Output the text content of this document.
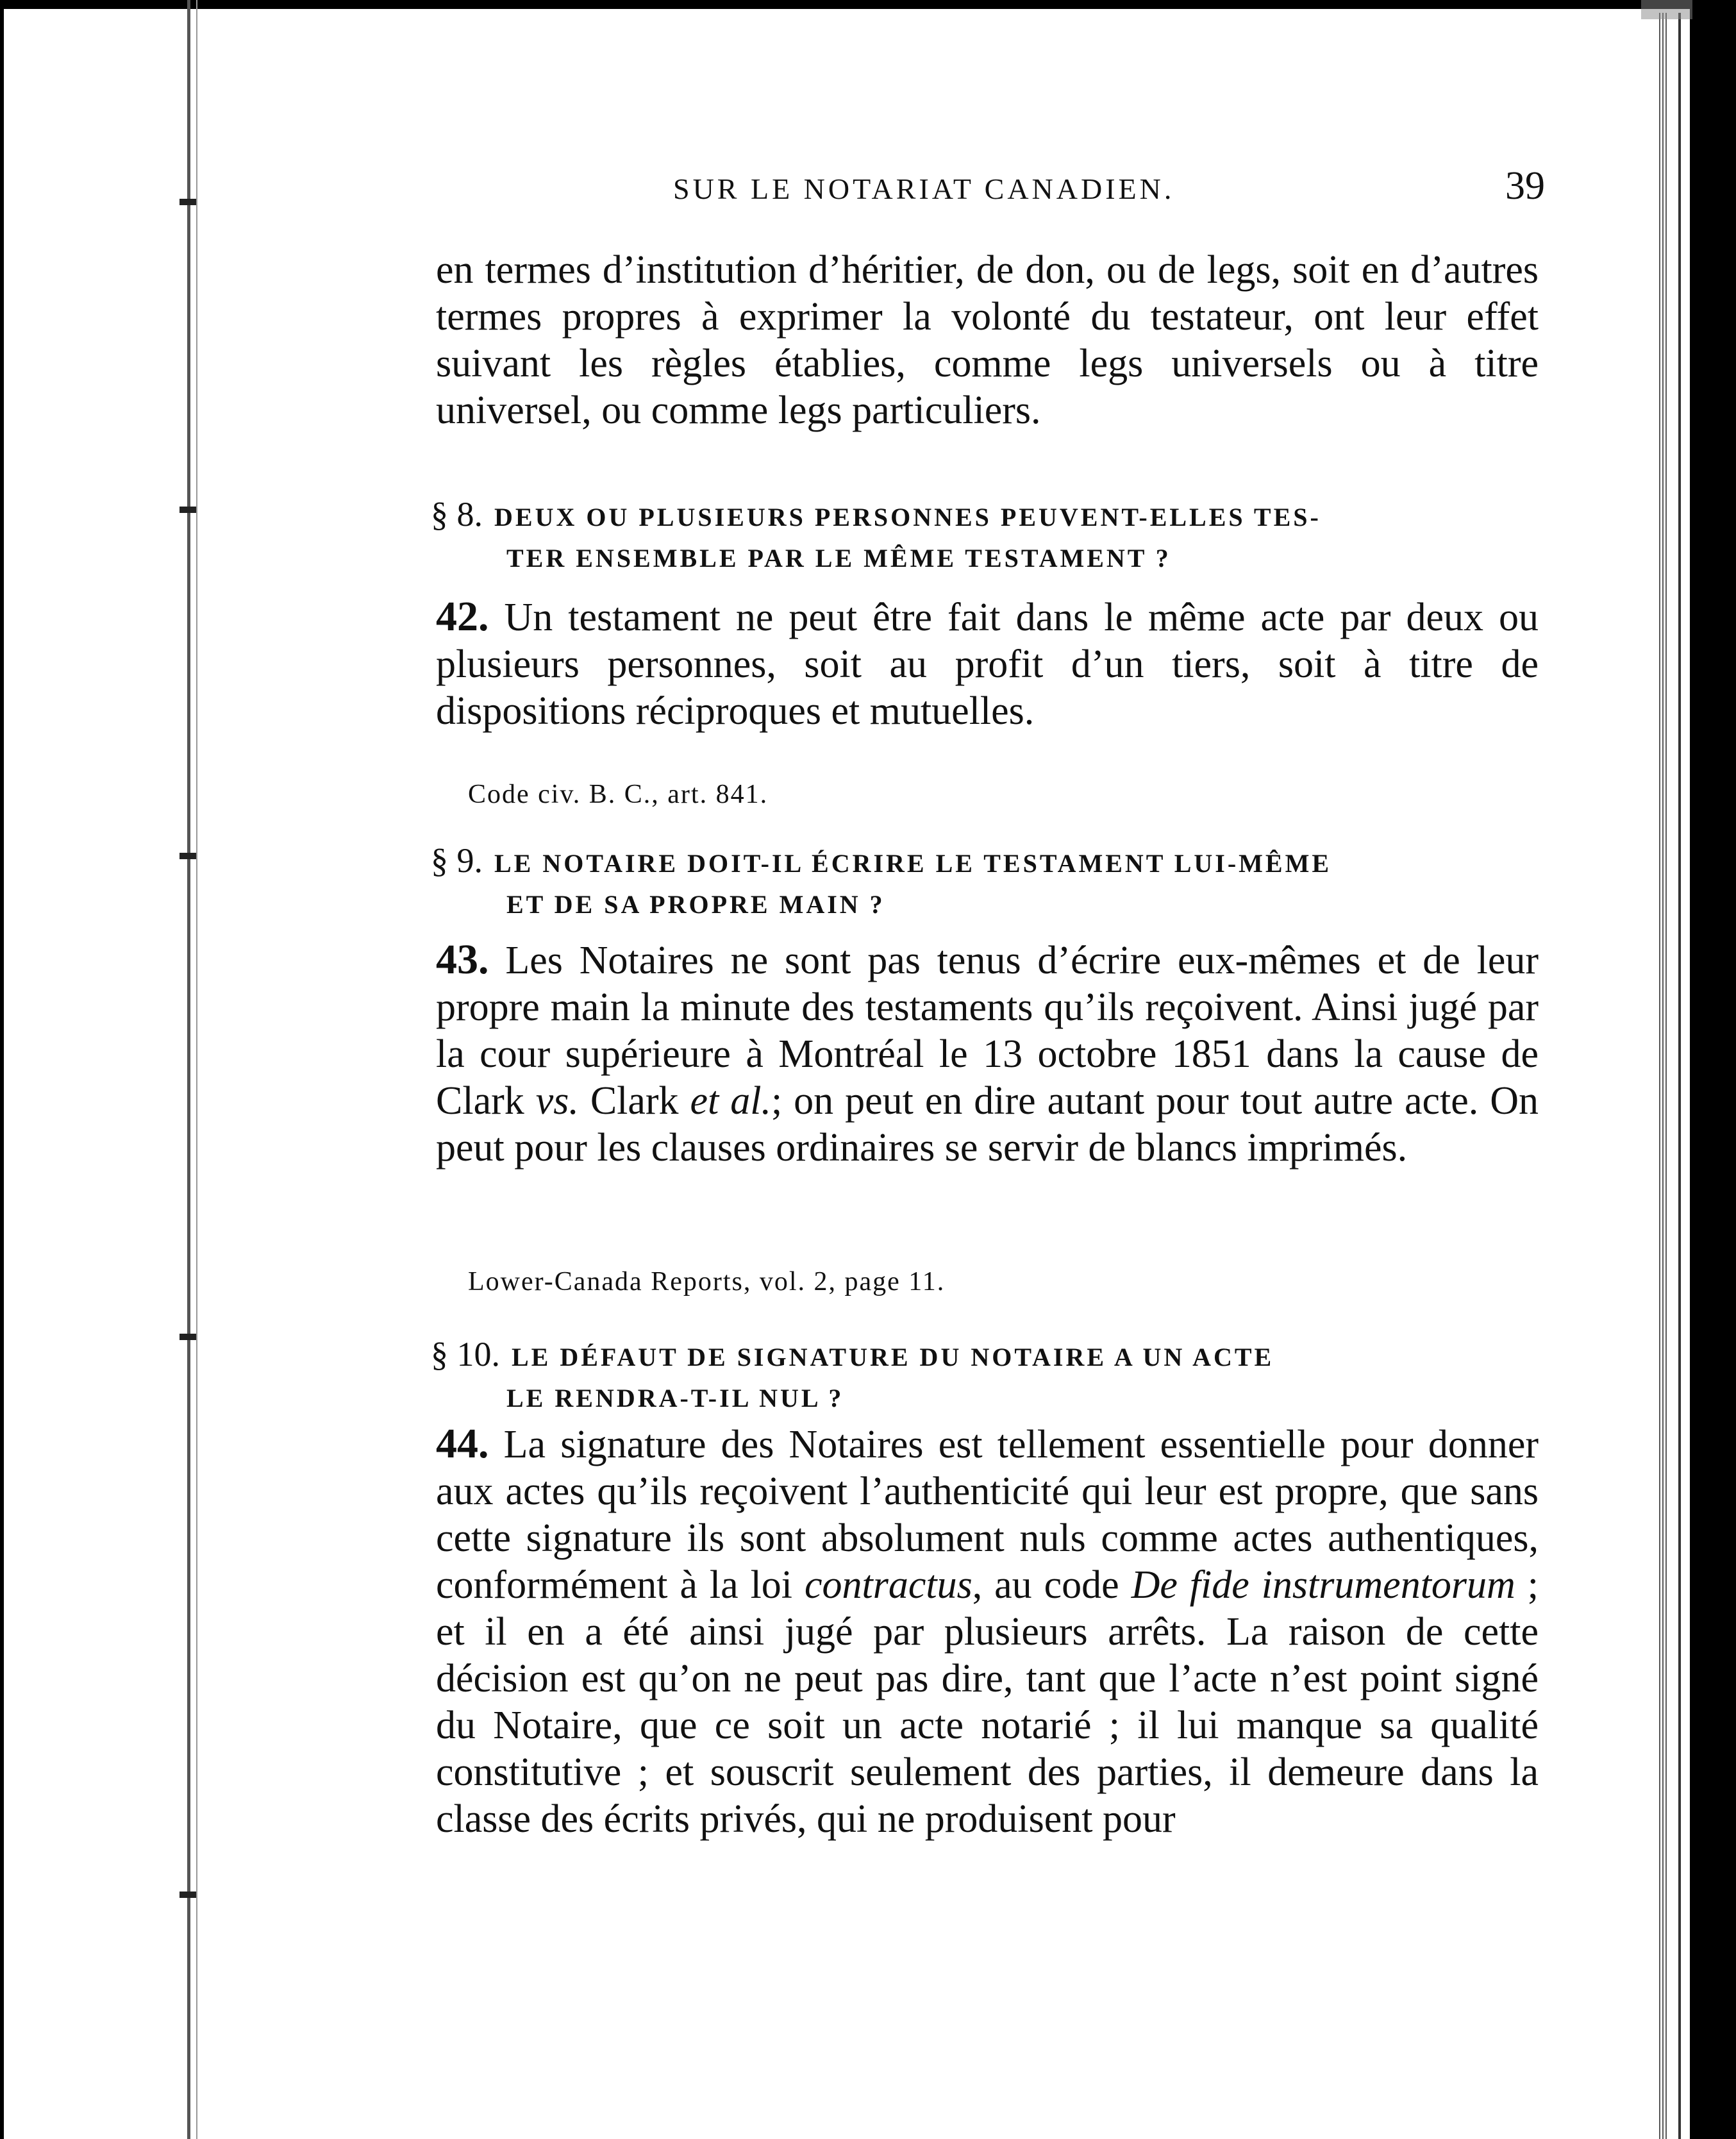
SUR LE NOTARIAT CANADIEN.	39
en termes d’institution d’héritier, de don, ou de legs, soit en d’autres termes propres à exprimer la volonté du testateur, ont leur effet suivant les règles établies, comme legs universels ou à titre universel, ou comme legs particuliers.
§ 8. DEUX OU PLUSIEURS PERSONNES PEUVENT-ELLES TES-
TER ENSEMBLE PAR LE MÊME TESTAMENT ?
42. Un testament ne peut être fait dans le même acte par deux ou plusieurs personnes, soit au profit d’un tiers, soit à titre de dispositions réciproques et mutuelles.
Code civ. B. C., art. 841.
§ 9. LE NOTAIRE DOIT-IL ÉCRIRE LE TESTAMENT LUI-MÊME
ET DE SA PROPRE MAIN ?
43. Les Notaires ne sont pas tenus d’écrire eux-mêmes et de leur propre main la minute des testaments qu’ils reçoivent. Ainsi jugé par la cour supérieure à Montréal le 13 octobre 1851 dans la cause de Clark vs. Clark et al.; on peut en dire autant pour tout autre acte. On peut pour les clauses ordinaires se servir de blancs imprimés.
Lower-Canada Reports, vol. 2, page 11.
§ 10. LE DÉFAUT DE SIGNATURE DU NOTAIRE A UN ACTE
LE RENDRA-T-IL NUL ?
44. La signature des Notaires est tellement essentielle pour donner aux actes qu’ils reçoivent l’authenticité qui leur est propre, que sans cette signature ils sont absolument nuls comme actes authentiques, conformément à la loi contractus, au code De fide instrumentorum ; et il en a été ainsi jugé par plusieurs arrêts. La raison de cette décision est qu’on ne peut pas dire, tant que l’acte n’est point signé du Notaire, que ce soit un acte notarié ; il lui manque sa qualité constitutive ; et souscrit seulement des parties, il demeure dans la classe des écrits privés, qui ne produisent pour
